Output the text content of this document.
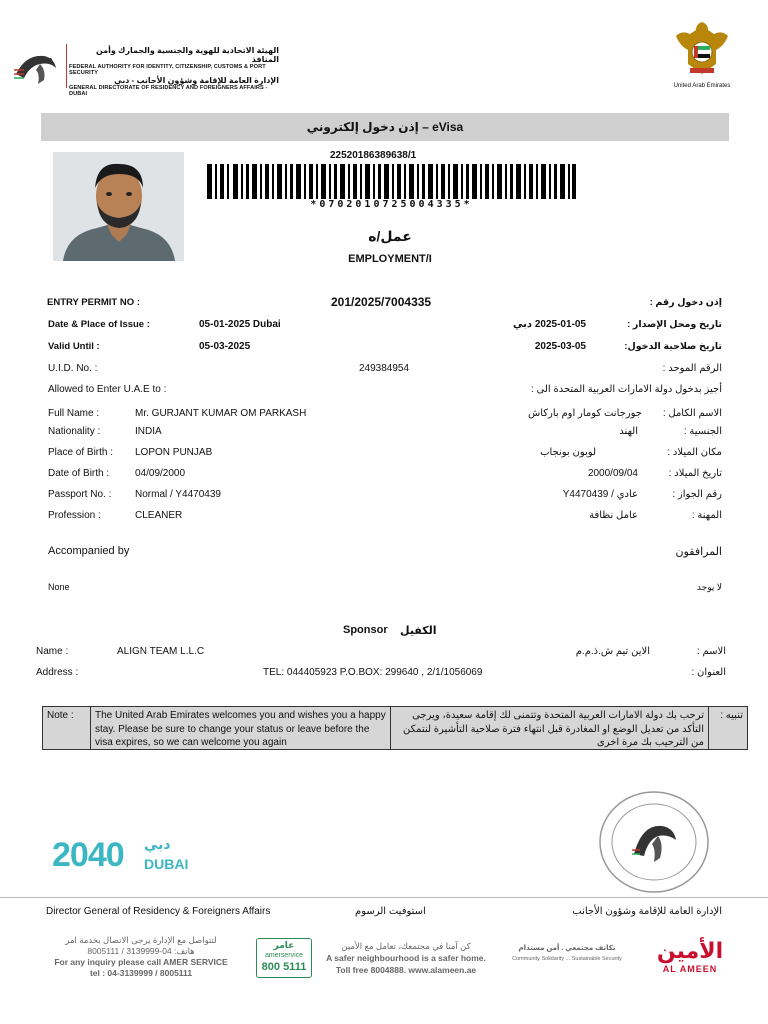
الهيئة الاتحادية للهوية والجنسية والجمارك وأمن المنافذ
FEDERAL AUTHORITY FOR IDENTITY, CITIZENSHIP, CUSTOMS & PORT SECURITY
الإدارة العامة للإقامة وشؤون الأجانب - دبي
GENERAL DIRECTORATE OF RESIDENCY AND FOREIGNERS AFFAIRS - DUBAI
United Arab Emirates
إذن دخول إلكتروني – eVisa
22520186389638/1
*0702010725004335*
عمل/ه
EMPLOYMENT/I
ENTRY PERMIT NO :	201/2025/7004335	إذن دخول رقم :
Date & Place of Issue :	05-01-2025 Dubai	2025-01-05 دبي	تاريخ ومحل الإصدار :
Valid Until :	05-03-2025	2025-03-05	تاريخ صلاحية الدخول:
U.I.D. No. :	249384954	الرقم الموحد :
Allowed to Enter U.A.E to :	أجيز بدخول دولة الامارات العربية المتحدة الى :
Full Name :	Mr. GURJANT KUMAR OM PARKASH	جورجانت كومار اوم باركاش	الاسم الكامل :
Nationality :	INDIA	الهند	الجنسية :
Place of Birth : LOPON PUNJAB	لوبون بونجاب	مكان الميلاد :
Date of Birth :	04/09/2000	2000/09/04	تاريخ الميلاد :
Passport No. : Normal / Y4470439	عادي / Y4470439	رقم الجواز :
Profession :	CLEANER	عامل نظافة	المهنة :
Accompanied by	المرافقون
None	لا يوجد
Sponsor الكفيل
Name :	ALIGN TEAM L.L.C	الاين تيم ش.ذ.م.م	الاسم :
Address :	TEL: 044405923 P.O.BOX: 299640 , 2/1/1056069	العنوان :
Note :	The United Arab Emirates welcomes you and wishes you a happy stay. Please be sure to change your status or leave before the visa expires, so we can welcome you again
ترحب بك دولة الامارات العربية المتحدة وتتمنى لك إقامة سعيدة، ويرجى التأكد من تعديل الوضع او المغادرة قبل انتهاء فترة صلاحية التأشيرة لنتمكن من الترحيب بك مرة اخرى
تنبيه :
2040 دبي
DUBAI
Director General of Residency & Foreigners Affairs	استوفيت الرسوم	الإدارة العامة للإقامة وشؤون الأجانب
لتتواصل مع الإدارة يرجى الاتصال بخدمة امر
هاتف: 04-3139999 / 8005111
For any inquiry please call AMER SERVICE
tel : 04-3139999 / 8005111
عامر
amerservice
800 5111
كن آمنا في مجتمعك، تعامل مع الأمين
A safer neighbourhood is a safer home.
Toll free 8004888. www.alameen.ae
تكاتف مجتمعي . أمن مستدام
Community Solidarity ... Sustainable Security	الأمين
AL AMEEN
